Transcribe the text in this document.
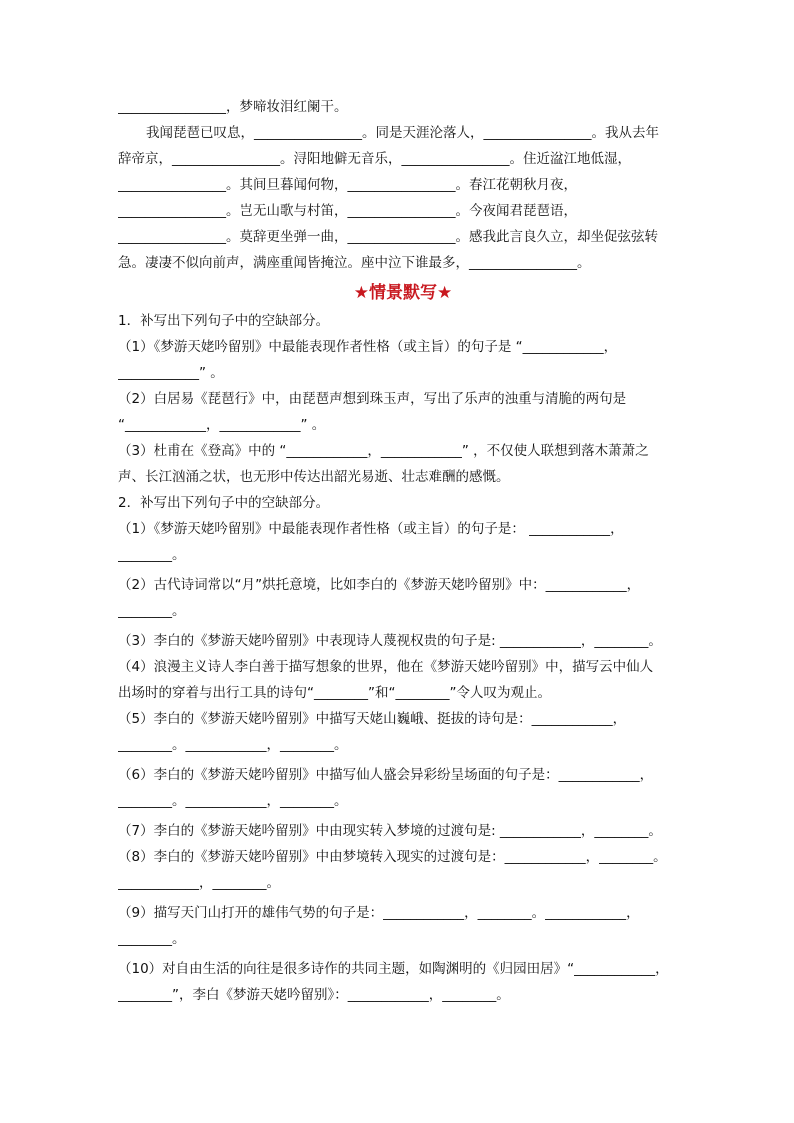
________________，梦啼妆泪红阑干。
我闻琵琶已叹息，________________。同是天涯沦落人，________________。我从去年
辞帝京，________________。浔阳地僻无音乐，________________。住近湓江地低湿，
________________。其间旦暮闻何物，________________。春江花朝秋月夜，
________________。岂无山歌与村笛，________________。今夜闻君琵琶语，
________________。莫辞更坐弹一曲，________________。感我此言良久立，却坐促弦弦转
急。凄凄不似向前声，满座重闻皆掩泣。座中泣下谁最多，________________。
★情景默写★
1．补写出下列句子中的空缺部分。
（1）《梦游天姥吟留别》中最能表现作者性格（或主旨）的句子是 “____________，
____________” 。
（2）白居易《琵琶行》中，由琵琶声想到珠玉声，写出了乐声的浊重与清脆的两句是
“____________，____________” 。
（3）杜甫在《登高》中的 “____________，____________” ，不仅使人联想到落木萧萧之
声、长江汹涌之状，也无形中传达出韶光易逝、壮志难酬的感慨。
2．补写出下列句子中的空缺部分。
（1）《梦游天姥吟留别》中最能表现作者性格（或主旨）的句子是： ____________，
________。
（2）古代诗词常以“月”烘托意境，比如李白的《梦游天姥吟留别》中：____________，
________。
（3）李白的《梦游天姥吟留别》中表现诗人蔑视权贵的句子是: ____________，________。
（4）浪漫主义诗人李白善于描写想象的世界，他在《梦游天姥吟留别》中，描写云中仙人
出场时的穿着与出行工具的诗句“________”和“________”令人叹为观止。
（5）李白的《梦游天姥吟留别》中描写天姥山巍峨、挺拔的诗句是：____________，
________。____________，________。
（6）李白的《梦游天姥吟留别》中描写仙人盛会异彩纷呈场面的句子是：____________，
________。____________，________。
（7）李白的《梦游天姥吟留别》中由现实转入梦境的过渡句是: ____________，________。
（8）李白的《梦游天姥吟留别》中由梦境转入现实的过渡句是：____________，________。
____________，________。
（9）描写天门山打开的雄伟气势的句子是：____________，________。____________，
________。
（10）对自由生活的向往是很多诗作的共同主题，如陶渊明的《归园田居》“____________，
________”，李白《梦游天姥吟留别》：____________，________。
